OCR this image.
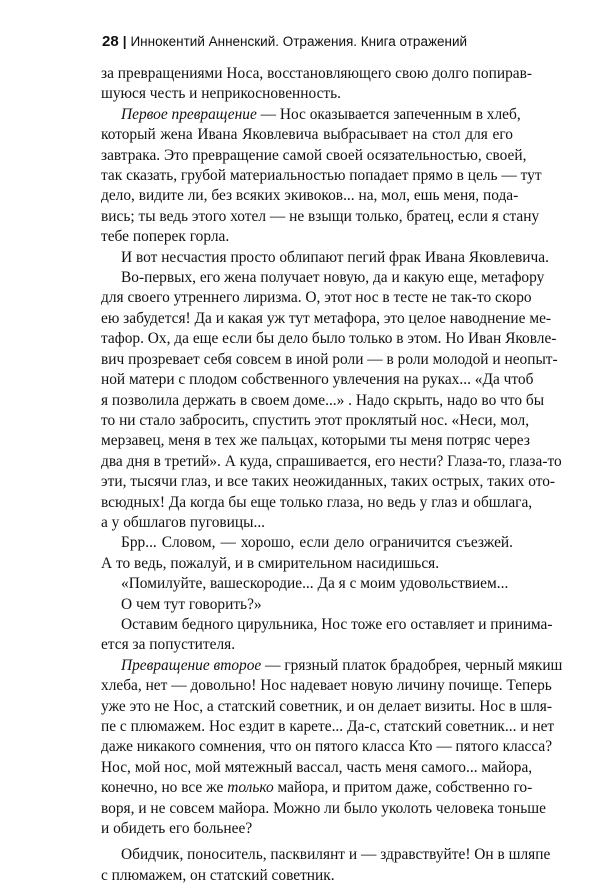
28 | Иннокентий Анненский. Отражения. Книга отражений
за превращениями Носа, восстановляющего свою долго попирав-
шуюся честь и неприкосновенность.
Первое превращение — Нос оказывается запеченным в хлеб,
который жена Ивана Яковлевича выбрасывает на стол для его
завтрака. Это превращение самой своей осязательностью, своей,
так сказать, грубой материальностью попадает прямо в цель — тут
дело, видите ли, без всяких экивоков... на, мол, ешь меня, пода-
вись; ты ведь этого хотел — не взыщи только, братец, если я стану
тебе поперек горла.
И вот несчастия просто облипают пегий фрак Ивана Яковлевича.
Во-первых, его жена получает новую, да и какую еще, метафору
для своего утреннего лиризма. О, этот нос в тесте не так-то скоро
ею забудется! Да и какая уж тут метафора, это целое наводнение ме-
тафор. Ох, да еще если бы дело было только в этом. Но Иван Яковле-
вич прозревает себя совсем в иной роли — в роли молодой и неопыт-
ной матери с плодом собственного увлечения на руках... «Да чтоб
я позволила держать в своем доме...» . Надо скрыть, надо во что бы
то ни стало забросить, спустить этот проклятый нос. «Неси, мол,
мерзавец, меня в тех же пальцах, которыми ты меня потряс через
два дня в третий». А куда, спрашивается, его нести? Глаза-то, глаза-то
эти, тысячи глаз, и все таких неожиданных, таких острых, таких ото-
всюдных! Да когда бы еще только глаза, но ведь у глаз и обшлага,
а у обшлагов пуговицы...
Брр... Словом, — хорошо, если дело ограничится съезжей.
А то ведь, пожалуй, и в смирительном насидишься.
«Помилуйте, вашескородие... Да я с моим удовольствием...
О чем тут говорить?»
Оставим бедного цирульника, Нос тоже его оставляет и принима-
ется за попустителя.
Превращение второе — грязный платок брадобрея, черный мякиш
хлеба, нет — довольно! Нос надевает новую личину почище. Теперь
уже это не Нос, а статский советник, и он делает визиты. Нос в шля-
пе с плюмажем. Нос ездит в карете... Да-с, статский советник... и нет
даже никакого сомнения, что он пятого класса Кто — пятого класса?
Нос, мой нос, мой мятежный вассал, часть меня самого... майора,
конечно, но все же только майора, и притом даже, собственно го-
воря, и не совсем майора. Можно ли было уколоть человека тоньше
и обидеть его больнее?
Обидчик, поноситель, пасквилянт и — здравствуйте! Он в шляпе
с плюмажем, он статский советник.
